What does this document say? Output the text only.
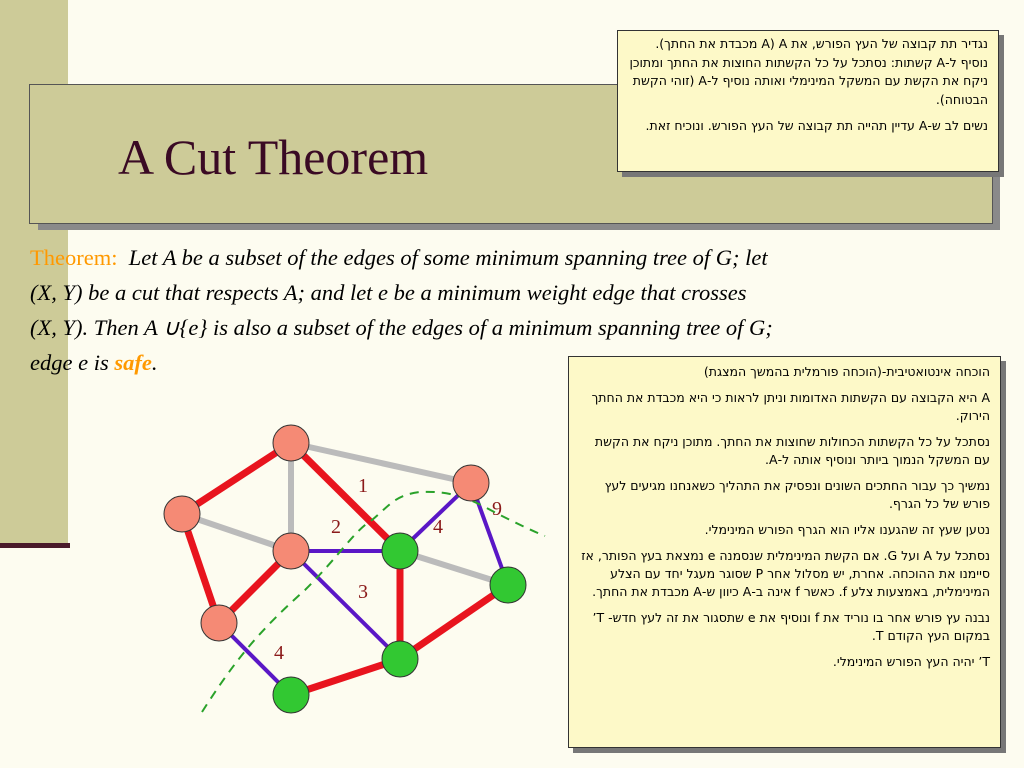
A Cut Theorem

נגדיר תת קבוצה של העץ הפורש, את A (A מכבדת את החתך). נוסיף ל-A קשתות: נסתכל על כל הקשתות החוצות את החתך ומתוכן ניקח את הקשת עם המשקל המינימלי ואותה נוסיף ל-A (זוהי הקשת הבטוחה).

נשים לב ש-A עדיין תהייה תת קבוצה של העץ הפורש. ונוכיח זאת.

Theorem: Let A be a subset of the edges of some minimum spanning tree of G; let
(X, Y) be a cut that respects A; and let e be a minimum weight edge that crosses
(X, Y). Then A ∪{e} is also a subset of the edges of a minimum spanning tree of G;
edge e is safe.
1
2
9
4
3
4

הוכחה אינטואטיבית-(הוכחה פורמלית בהמשך המצגת)

A היא הקבוצה עם הקשתות האדומות וניתן לראות כי היא מכבדת את החתך הירוק.

נסתכל על כל הקשתות הכחולות שחוצות את החתך. מתוכן ניקח את הקשת עם המשקל הנמוך ביותר ונוסיף אותה ל-A.

נמשיך כך עבור החתכים השונים ונפסיק את התהליך כשאנחנו מגיעים לעץ פורש של כל הגרף.

נטען שעץ זה שהגענו אליו הוא הגרף הפורש המינימלי.

נסתכל על A ועל G. אם הקשת המינימלית שנסמנה e נמצאת בעץ הפותר, אז סיימנו את ההוכחה. אחרת, יש מסלול אחר P שסוגר מעגל יחד עם הצלע המינימלית, באמצעות צלע f. כאשר f אינה ב-A כיוון ש-A מכבדת את החתך.

נבנה עץ פורש אחר בו נוריד את f ונוסיף את e שתסגור את זה לעץ חדש- T’ במקום העץ הקודם T.

T’ יהיה העץ הפורש המינימלי.
